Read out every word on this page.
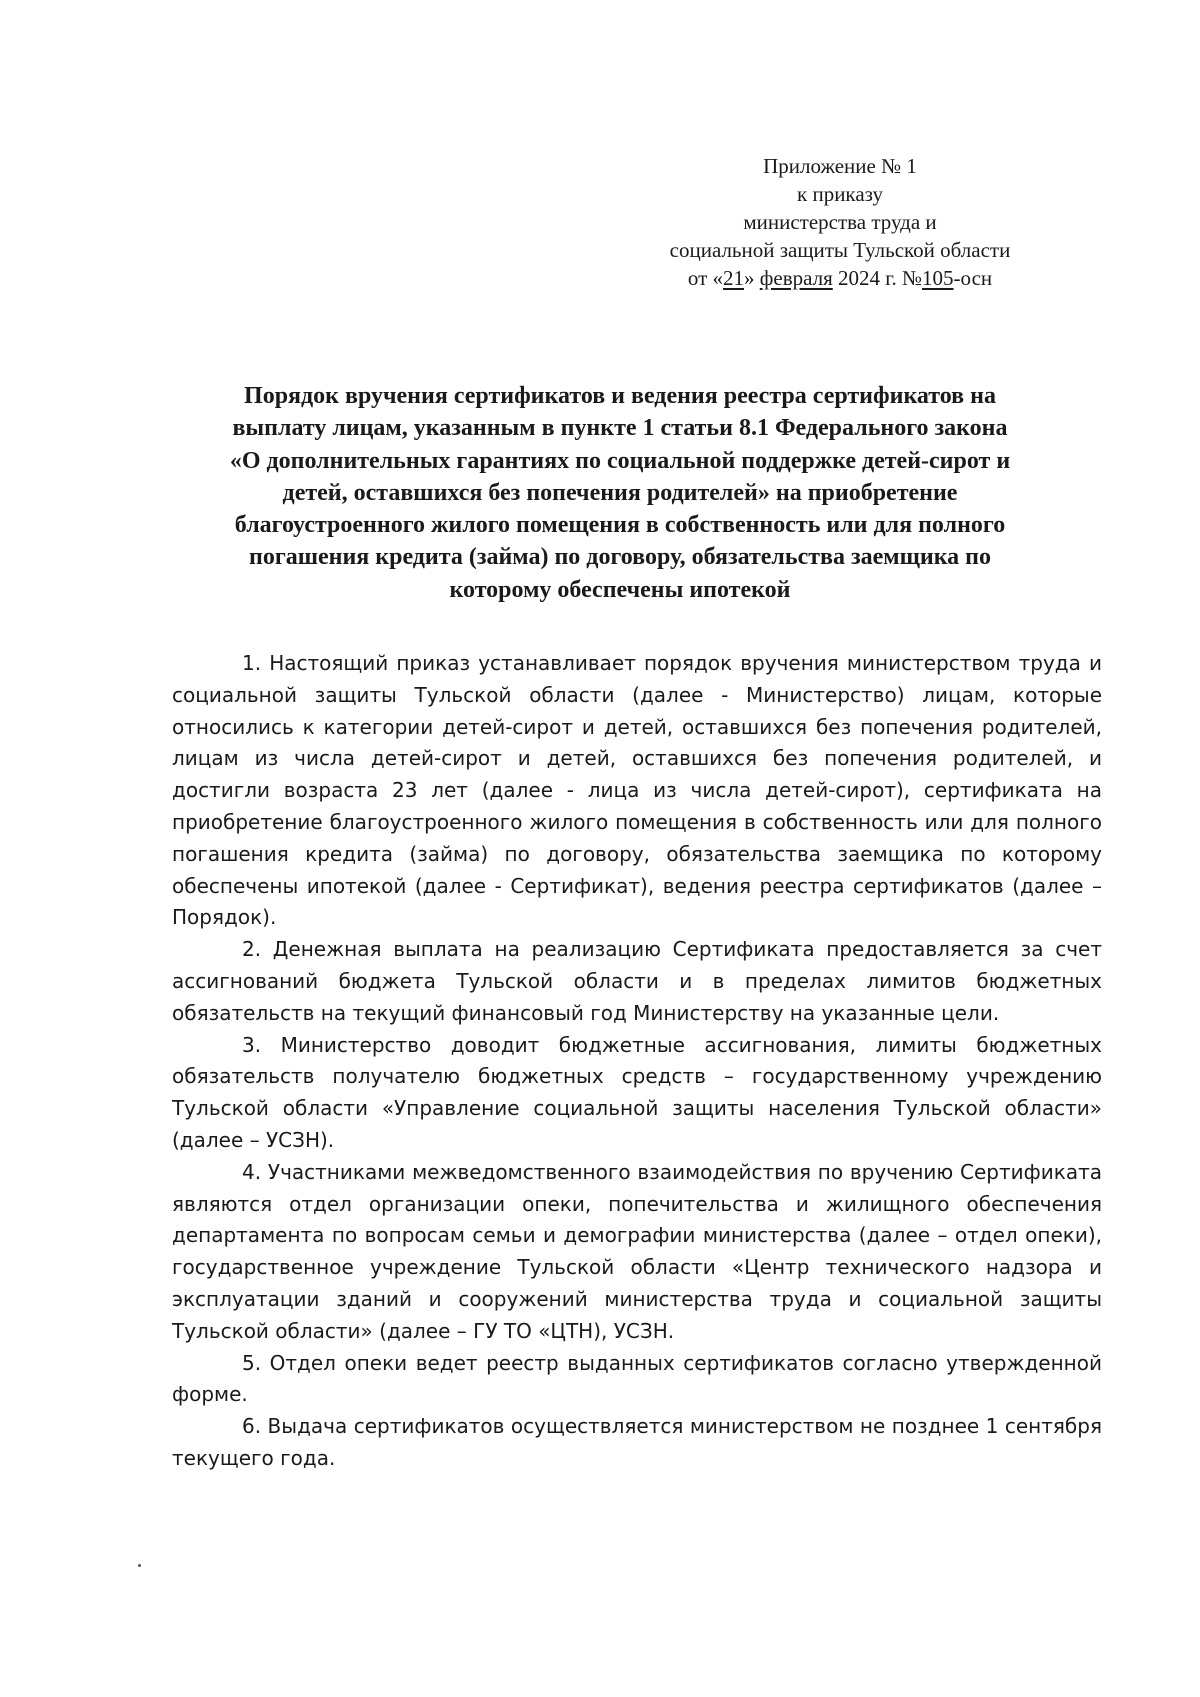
Приложение № 1
к приказу
министерства труда и
социальной защиты Тульской области
от «21» февраля 2024 г. №105-осн
Порядок вручения сертификатов и ведения реестра сертификатов на
выплату лицам, указанным в пункте 1 статьи 8.1 Федерального закона
«О дополнительных гарантиях по социальной поддержке детей-сирот и
детей, оставшихся без попечения родителей» на приобретение
благоустроенного жилого помещения в собственность или для полного
погашения кредита (займа) по договору, обязательства заемщика по
которому обеспечены ипотекой

1. Настоящий приказ устанавливает порядок вручения министерством труда и социальной защиты Тульской области (далее - Министерство) лицам, которые относились к категории детей-сирот и детей, оставшихся без попечения родителей, лицам из числа детей-сирот и детей, оставшихся без попечения родителей, и достигли возраста 23 лет (далее - лица из числа детей-сирот), сертификата на приобретение благоустроенного жилого помещения в собственность или для полного погашения кредита (займа) по договору, обязательства заемщика по которому обеспечены ипотекой (далее - Сертификат), ведения реестра сертификатов (далее – Порядок).

2. Денежная выплата на реализацию Сертификата предоставляется за счет ассигнований бюджета Тульской области и в пределах лимитов бюджетных обязательств на текущий финансовый год Министерству на указанные цели.

3. Министерство доводит бюджетные ассигнования, лимиты бюджетных обязательств получателю бюджетных средств – государственному учреждению Тульской области «Управление социальной защиты населения Тульской области» (далее – УСЗН).

4. Участниками межведомственного взаимодействия по вручению Сертификата являются отдел организации опеки, попечительства и жилищного обеспечения департамента по вопросам семьи и демографии министерства (далее – отдел опеки), государственное учреждение Тульской области «Центр технического надзора и эксплуатации зданий и сооружений министерства труда и социальной защиты Тульской области» (далее – ГУ ТО «ЦТН), УСЗН.

5. Отдел опеки ведет реестр выданных сертификатов согласно утвержденной форме.

6. Выдача сертификатов осуществляется министерством не позднее 1 сентября текущего года.
